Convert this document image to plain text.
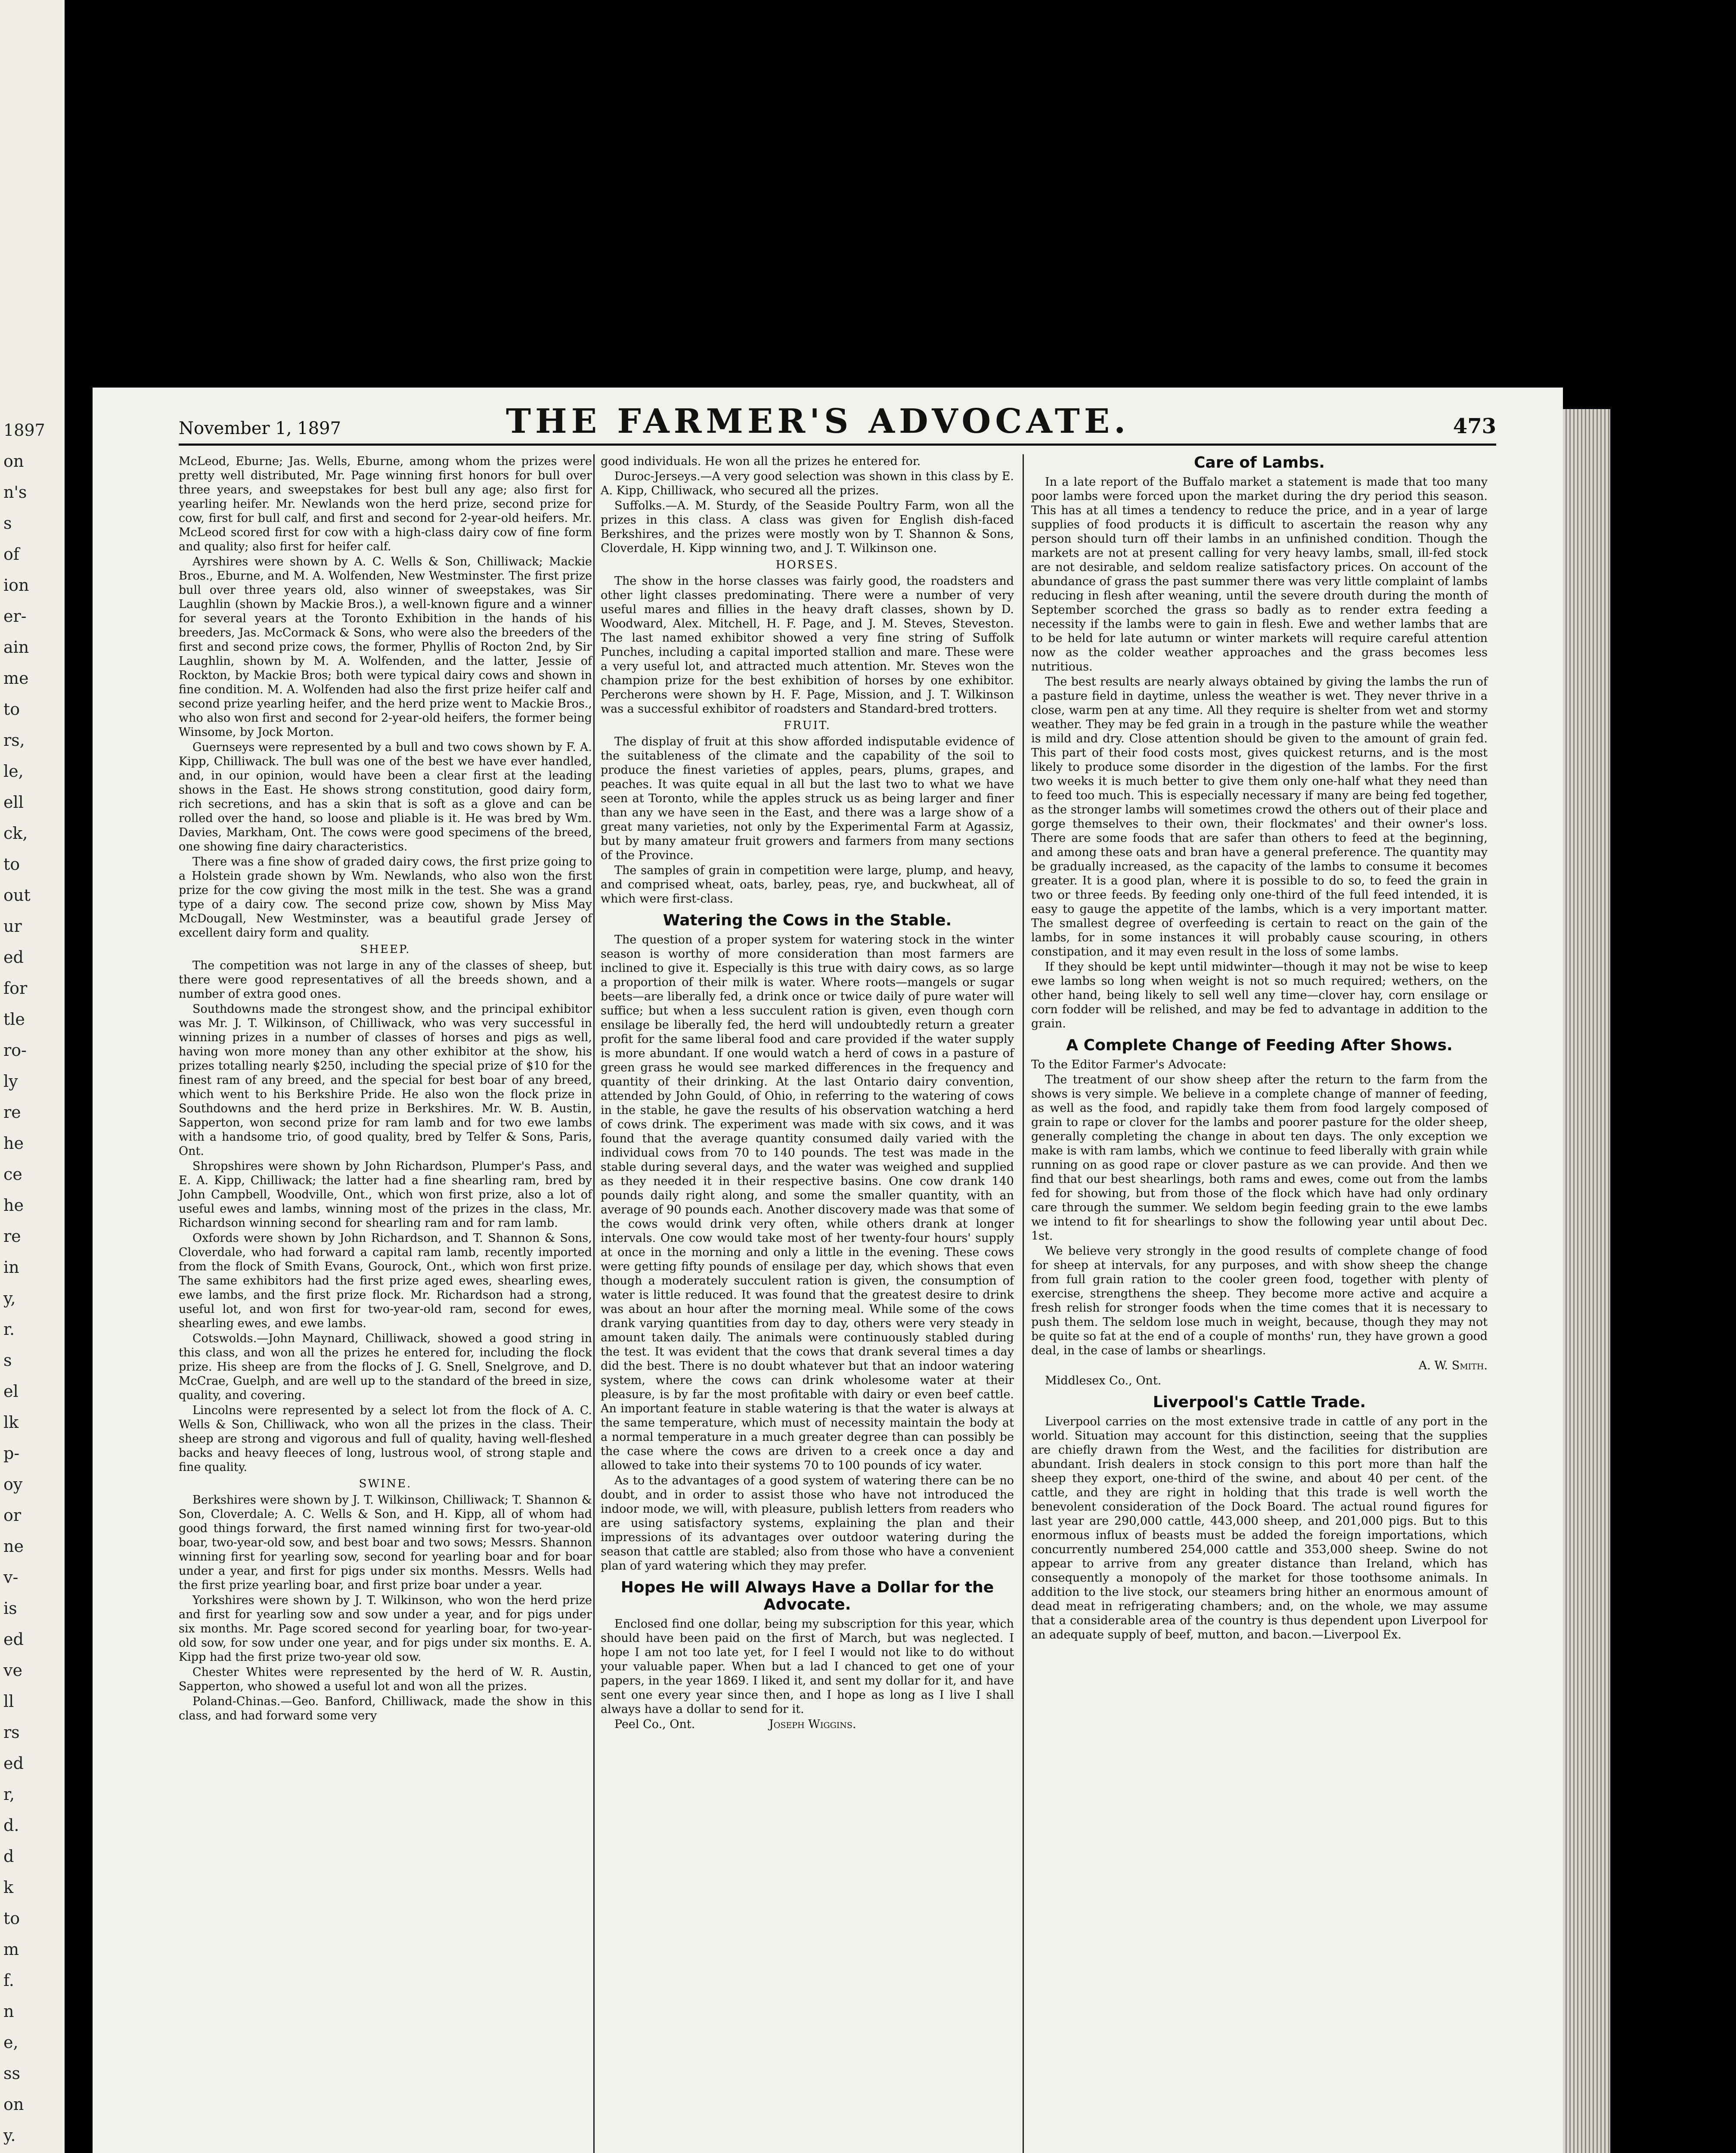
1897
on
n's
s
of
ion
er-
ain
me
to
rs,
le,
ell
ck,
to
out
ur
ed
for
tle
ro-
ly
re
he
ce
he
re
in
y,
r.
s
el
lk
p-
oy
or
ne
v-
is
ed
ve
ll
rs
ed
r,
d.
d
k
to
m
f.
n
e,
ss
on
y.
November 1, 1897	THE FARMER'S ADVOCATE.	473

McLeod, Eburne; Jas. Wells, Eburne, among whom the prizes were pretty well distributed, Mr. Page winning first honors for bull over three years, and sweepstakes for best bull any age; also first for yearling heifer. Mr. Newlands won the herd prize, second prize for cow, first for bull calf, and first and second for 2-year-old heifers. Mr. McLeod scored first for cow with a high-class dairy cow of fine form and quality; also first for heifer calf.

Ayrshires were shown by A. C. Wells & Son, Chilliwack; Mackie Bros., Eburne, and M. A. Wolfenden, New Westminster. The first prize bull over three years old, also winner of sweepstakes, was Sir Laughlin (shown by Mackie Bros.), a well-known figure and a winner for several years at the Toronto Exhibition in the hands of his breeders, Jas. McCormack & Sons, who were also the breeders of the first and second prize cows, the former, Phyllis of Rocton 2nd, by Sir Laughlin, shown by M. A. Wolfenden, and the latter, Jessie of Rockton, by Mackie Bros; both were typical dairy cows and shown in fine condition. M. A. Wolfenden had also the first prize heifer calf and second prize yearling heifer, and the herd prize went to Mackie Bros., who also won first and second for 2-year-old heifers, the former being Winsome, by Jock Morton.

Guernseys were represented by a bull and two cows shown by F. A. Kipp, Chilliwack. The bull was one of the best we have ever handled, and, in our opinion, would have been a clear first at the leading shows in the East. He shows strong constitution, good dairy form, rich secretions, and has a skin that is soft as a glove and can be rolled over the hand, so loose and pliable is it. He was bred by Wm. Davies, Markham, Ont. The cows were good specimens of the breed, one showing fine dairy characteristics.

There was a fine show of graded dairy cows, the first prize going to a Holstein grade shown by Wm. Newlands, who also won the first prize for the cow giving the most milk in the test. She was a grand type of a dairy cow. The second prize cow, shown by Miss May McDougall, New Westminster, was a beautiful grade Jersey of excellent dairy form and quality.

SHEEP.

The competition was not large in any of the classes of sheep, but there were good representatives of all the breeds shown, and a number of extra good ones.

Southdowns made the strongest show, and the principal exhibitor was Mr. J. T. Wilkinson, of Chilliwack, who was very successful in winning prizes in a number of classes of horses and pigs as well, having won more money than any other exhibitor at the show, his prizes totalling nearly $250, including the special prize of $10 for the finest ram of any breed, and the special for best boar of any breed, which went to his Berkshire Pride. He also won the flock prize in Southdowns and the herd prize in Berkshires. Mr. W. B. Austin, Sapperton, won second prize for ram lamb and for two ewe lambs with a handsome trio, of good quality, bred by Telfer & Sons, Paris, Ont.

Shropshires were shown by John Richardson, Plumper's Pass, and E. A. Kipp, Chilliwack; the latter had a fine shearling ram, bred by John Campbell, Woodville, Ont., which won first prize, also a lot of useful ewes and lambs, winning most of the prizes in the class, Mr. Richardson winning second for shearling ram and for ram lamb.

Oxfords were shown by John Richardson, and T. Shannon & Sons, Cloverdale, who had forward a capital ram lamb, recently imported from the flock of Smith Evans, Gourock, Ont., which won first prize. The same exhibitors had the first prize aged ewes, shearling ewes, ewe lambs, and the first prize flock. Mr. Richardson had a strong, useful lot, and won first for two-year-old ram, second for ewes, shearling ewes, and ewe lambs.

Cotswolds.—John Maynard, Chilliwack, showed a good string in this class, and won all the prizes he entered for, including the flock prize. His sheep are from the flocks of J. G. Snell, Snelgrove, and D. McCrae, Guelph, and are well up to the standard of the breed in size, quality, and covering.

Lincolns were represented by a select lot from the flock of A. C. Wells & Son, Chilliwack, who won all the prizes in the class. Their sheep are strong and vigorous and full of quality, having well-fleshed backs and heavy fleeces of long, lustrous wool, of strong staple and fine quality.

SWINE.

Berkshires were shown by J. T. Wilkinson, Chilliwack; T. Shannon & Son, Cloverdale; A. C. Wells & Son, and H. Kipp, all of whom had good things forward, the first named winning first for two-year-old boar, two-year-old sow, and best boar and two sows; Messrs. Shannon winning first for yearling sow, second for yearling boar and for boar under a year, and first for pigs under six months. Messrs. Wells had the first prize yearling boar, and first prize boar under a year.

Yorkshires were shown by J. T. Wilkinson, who won the herd prize and first for yearling sow and sow under a year, and for pigs under six months. Mr. Page scored second for yearling boar, for two-year-old sow, for sow under one year, and for pigs under six months. E. A. Kipp had the first prize two-year old sow.

Chester Whites were represented by the herd of W. R. Austin, Sapperton, who showed a useful lot and won all the prizes.

Poland-Chinas.—Geo. Banford, Chilliwack, made the show in this class, and had forward some very

good individuals. He won all the prizes he entered for.

Duroc-Jerseys.—A very good selection was shown in this class by E. A. Kipp, Chilliwack, who secured all the prizes.

Suffolks.—A. M. Sturdy, of the Seaside Poultry Farm, won all the prizes in this class. A class was given for English dish-faced Berkshires, and the prizes were mostly won by T. Shannon & Sons, Cloverdale, H. Kipp winning two, and J. T. Wilkinson one.

HORSES.

The show in the horse classes was fairly good, the roadsters and other light classes predominating. There were a number of very useful mares and fillies in the heavy draft classes, shown by D. Woodward, Alex. Mitchell, H. F. Page, and J. M. Steves, Steveston. The last named exhibitor showed a very fine string of Suffolk Punches, including a capital imported stallion and mare. These were a very useful lot, and attracted much attention. Mr. Steves won the champion prize for the best exhibition of horses by one exhibitor. Percherons were shown by H. F. Page, Mission, and J. T. Wilkinson was a successful exhibitor of roadsters and Standard-bred trotters.

FRUIT.

The display of fruit at this show afforded indisputable evidence of the suitableness of the climate and the capability of the soil to produce the finest varieties of apples, pears, plums, grapes, and peaches. It was quite equal in all but the last two to what we have seen at Toronto, while the apples struck us as being larger and finer than any we have seen in the East, and there was a large show of a great many varieties, not only by the Experimental Farm at Agassiz, but by many amateur fruit growers and farmers from many sections of the Province.

The samples of grain in competition were large, plump, and heavy, and comprised wheat, oats, barley, peas, rye, and buckwheat, all of which were first-class.

Watering the Cows in the Stable.

The question of a proper system for watering stock in the winter season is worthy of more consideration than most farmers are inclined to give it. Especially is this true with dairy cows, as so large a proportion of their milk is water. Where roots—mangels or sugar beets—are liberally fed, a drink once or twice daily of pure water will suffice; but when a less succulent ration is given, even though corn ensilage be liberally fed, the herd will undoubtedly return a greater profit for the same liberal food and care provided if the water supply is more abundant. If one would watch a herd of cows in a pasture of green grass he would see marked differences in the frequency and quantity of their drinking. At the last Ontario dairy convention, attended by John Gould, of Ohio, in referring to the watering of cows in the stable, he gave the results of his observation watching a herd of cows drink. The experiment was made with six cows, and it was found that the average quantity consumed daily varied with the individual cows from 70 to 140 pounds. The test was made in the stable during several days, and the water was weighed and supplied as they needed it in their respective basins. One cow drank 140 pounds daily right along, and some the smaller quantity, with an average of 90 pounds each. Another discovery made was that some of the cows would drink very often, while others drank at longer intervals. One cow would take most of her twenty-four hours' supply at once in the morning and only a little in the evening. These cows were getting fifty pounds of ensilage per day, which shows that even though a moderately succulent ration is given, the consumption of water is little reduced. It was found that the greatest desire to drink was about an hour after the morning meal. While some of the cows drank varying quantities from day to day, others were very steady in amount taken daily. The animals were continuously stabled during the test. It was evident that the cows that drank several times a day did the best. There is no doubt whatever but that an indoor watering system, where the cows can drink wholesome water at their pleasure, is by far the most profitable with dairy or even beef cattle. An important feature in stable watering is that the water is always at the same temperature, which must of necessity maintain the body at a normal temperature in a much greater degree than can possibly be the case where the cows are driven to a creek once a day and allowed to take into their systems 70 to 100 pounds of icy water.

As to the advantages of a good system of watering there can be no doubt, and in order to assist those who have not introduced the indoor mode, we will, with pleasure, publish letters from readers who are using satisfactory systems, explaining the plan and their impressions of its advantages over outdoor watering during the season that cattle are stabled; also from those who have a convenient plan of yard watering which they may prefer.

Hopes He will Always Have a Dollar for the Advocate.

Enclosed find one dollar, being my subscription for this year, which should have been paid on the first of March, but was neglected. I hope I am not too late yet, for I feel I would not like to do without your valuable paper. When but a lad I chanced to get one of your papers, in the year 1869. I liked it, and sent my dollar for it, and have sent one every year since then, and I hope as long as I live I shall always have a dollar to send for it.

Peel Co., Ont.	Joseph Wiggins.

Care of Lambs.

In a late report of the Buffalo market a statement is made that too many poor lambs were forced upon the market during the dry period this season. This has at all times a tendency to reduce the price, and in a year of large supplies of food products it is difficult to ascertain the reason why any person should turn off their lambs in an unfinished condition. Though the markets are not at present calling for very heavy lambs, small, ill-fed stock are not desirable, and seldom realize satisfactory prices. On account of the abundance of grass the past summer there was very little complaint of lambs reducing in flesh after weaning, until the severe drouth during the month of September scorched the grass so badly as to render extra feeding a necessity if the lambs were to gain in flesh. Ewe and wether lambs that are to be held for late autumn or winter markets will require careful attention now as the colder weather approaches and the grass becomes less nutritious.

The best results are nearly always obtained by giving the lambs the run of a pasture field in daytime, unless the weather is wet. They never thrive in a close, warm pen at any time. All they require is shelter from wet and stormy weather. They may be fed grain in a trough in the pasture while the weather is mild and dry. Close attention should be given to the amount of grain fed. This part of their food costs most, gives quickest returns, and is the most likely to produce some disorder in the digestion of the lambs. For the first two weeks it is much better to give them only one-half what they need than to feed too much. This is especially necessary if many are being fed together, as the stronger lambs will sometimes crowd the others out of their place and gorge themselves to their own, their flockmates' and their owner's loss. There are some foods that are safer than others to feed at the beginning, and among these oats and bran have a general preference. The quantity may be gradually increased, as the capacity of the lambs to consume it becomes greater. It is a good plan, where it is possible to do so, to feed the grain in two or three feeds. By feeding only one-third of the full feed intended, it is easy to gauge the appetite of the lambs, which is a very important matter. The smallest degree of overfeeding is certain to react on the gain of the lambs, for in some instances it will probably cause scouring, in others constipation, and it may even result in the loss of some lambs.

If they should be kept until midwinter—though it may not be wise to keep ewe lambs so long when weight is not so much required; wethers, on the other hand, being likely to sell well any time—clover hay, corn ensilage or corn fodder will be relished, and may be fed to advantage in addition to the grain.

A Complete Change of Feeding After Shows.

To the Editor Farmer's Advocate:

The treatment of our show sheep after the return to the farm from the shows is very simple. We believe in a complete change of manner of feeding, as well as the food, and rapidly take them from food largely composed of grain to rape or clover for the lambs and poorer pasture for the older sheep, generally completing the change in about ten days. The only exception we make is with ram lambs, which we continue to feed liberally with grain while running on as good rape or clover pasture as we can provide. And then we find that our best shearlings, both rams and ewes, come out from the lambs fed for showing, but from those of the flock which have had only ordinary care through the summer. We seldom begin feeding grain to the ewe lambs we intend to fit for shearlings to show the following year until about Dec. 1st.

We believe very strongly in the good results of complete change of food for sheep at intervals, for any purposes, and with show sheep the change from full grain ration to the cooler green food, together with plenty of exercise, strengthens the sheep. They become more active and acquire a fresh relish for stronger foods when the time comes that it is necessary to push them. The seldom lose much in weight, because, though they may not be quite so fat at the end of a couple of months' run, they have grown a good deal, in the case of lambs or shearlings.

A. W. Smith.

Middlesex Co., Ont.

Liverpool's Cattle Trade.

Liverpool carries on the most extensive trade in cattle of any port in the world. Situation may account for this distinction, seeing that the supplies are chiefly drawn from the West, and the facilities for distribution are abundant. Irish dealers in stock consign to this port more than half the sheep they export, one-third of the swine, and about 40 per cent. of the cattle, and they are right in holding that this trade is well worth the benevolent consideration of the Dock Board. The actual round figures for last year are 290,000 cattle, 443,000 sheep, and 201,000 pigs. But to this enormous influx of beasts must be added the foreign importations, which concurrently numbered 254,000 cattle and 353,000 sheep. Swine do not appear to arrive from any greater distance than Ireland, which has consequently a monopoly of the market for those toothsome animals. In addition to the live stock, our steamers bring hither an enormous amount of dead meat in refrigerating chambers; and, on the whole, we may assume that a considerable area of the country is thus dependent upon Liverpool for an adequate supply of beef, mutton, and bacon.—Liverpool Ex.
